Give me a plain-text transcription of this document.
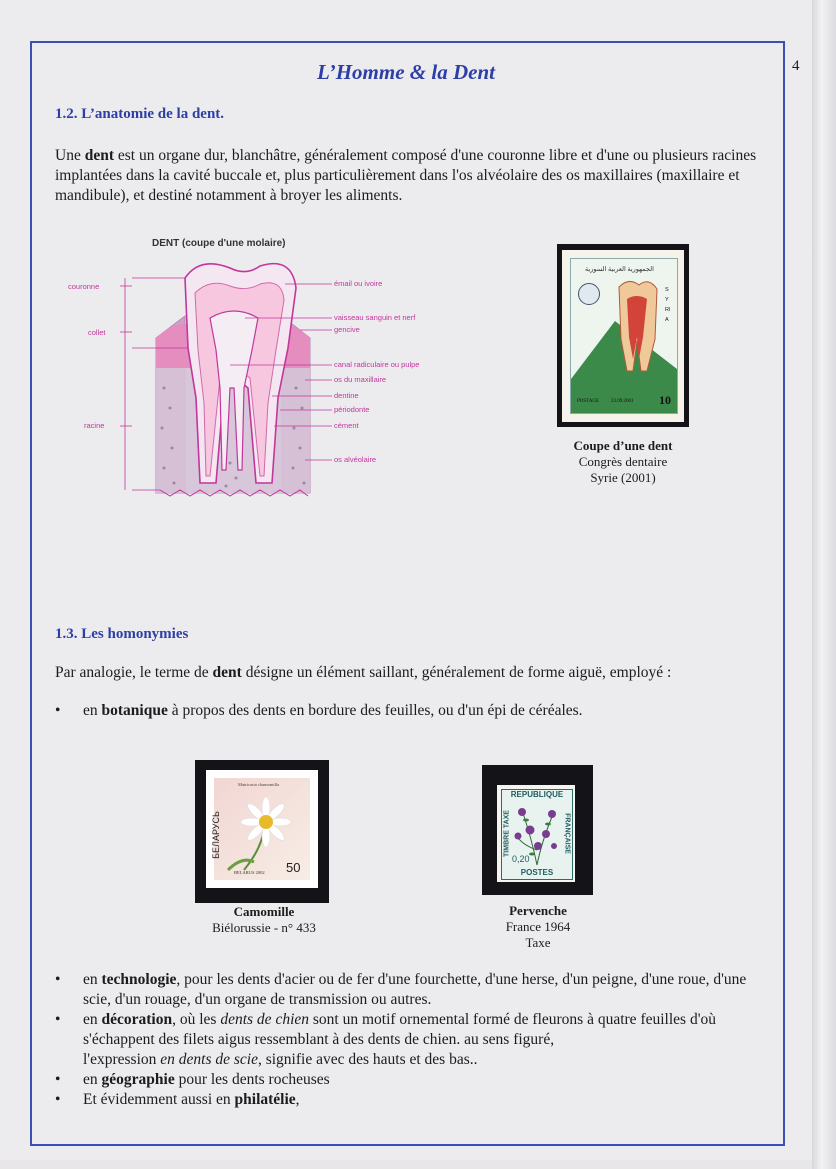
4
L’Homme & la Dent
1.2. L’anatomie de la dent.
Une dent est un organe dur, blanchâtre, généralement composé d'une couronne libre et d'une ou plusieurs racines implantées dans la cavité buccale et, plus particulièrement dans l'os alvéolaire des os maxillaires (maxillaire et mandibule), et destiné notamment à broyer les aliments.
DENT (coupe d'une molaire)
couronne
collet
racine
émail ou ivoire
vaisseau sanguin et nerf
gencive
canal radiculaire ou pulpe
os du maxillaire
dentine
périodonte
cément
os alvéolaire
الجمهورية العربية السورية
SYRIA
POSTAGE 23.09.2001 10
Coupe d’une dent
Congrès dentaire
Syrie (2001)
1.3. Les homonymies
Par analogie, le terme de dent désigne un élément saillant, généralement de forme aiguë, employé :
• en botanique à propos des dents en bordure des feuilles, ou d'un épi de céréales.
Matricaria chamomilla
БЕЛАРУСЬ
BELARUS 2002 50
Camomille
Biélorussie - n° 433
REPUBLIQUE
TIMBRE TAXE	FRANÇAISE
0,20
POSTES
Pervenche
France 1964
Taxe
• en technologie, pour les dents d'acier ou de fer d'une fourchette, d'une herse, d'un peigne, d'une roue, d'une scie, d'un rouage, d'un organe de transmission ou autres.
• en décoration, où les dents de chien sont un motif ornemental formé de fleurons à quatre feuilles d'où s'échappent des filets aigus ressemblant à des dents de chien. au sens figuré,
l'expression en dents de scie, signifie avec des hauts et des bas..
• en géographie pour les dents rocheuses
• Et évidemment aussi en philatélie,
